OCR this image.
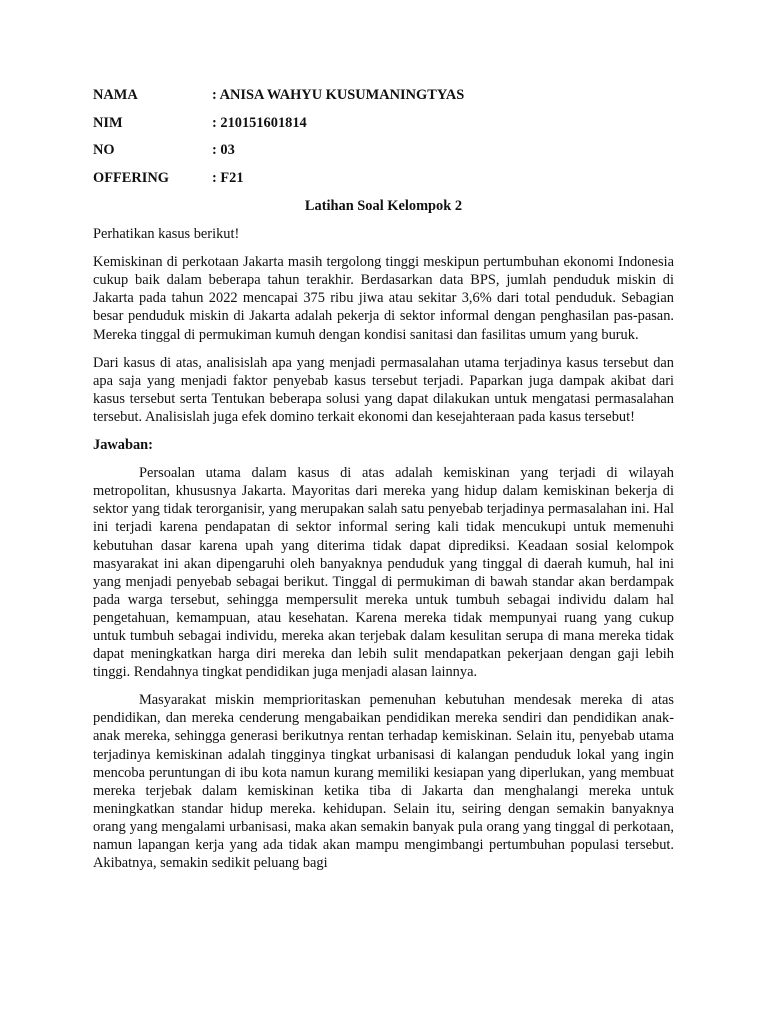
NAMA	: ANISA WAHYU KUSUMANINGTYAS
NIM	: 210151601814
NO	: 03
OFFERING	: F21
Latihan Soal Kelompok 2

Perhatikan kasus berikut!

Kemiskinan di perkotaan Jakarta masih tergolong tinggi meskipun pertumbuhan ekonomi Indonesia cukup baik dalam beberapa tahun terakhir. Berdasarkan data BPS, jumlah penduduk miskin di Jakarta pada tahun 2022 mencapai 375 ribu jiwa atau sekitar 3,6% dari total penduduk. Sebagian besar penduduk miskin di Jakarta adalah pekerja di sektor informal dengan penghasilan pas-pasan. Mereka tinggal di permukiman kumuh dengan kondisi sanitasi dan fasilitas umum yang buruk.

Dari kasus di atas, analisislah apa yang menjadi permasalahan utama terjadinya kasus tersebut dan apa saja yang menjadi faktor penyebab kasus tersebut terjadi. Paparkan juga dampak akibat dari kasus tersebut serta Tentukan beberapa solusi yang dapat dilakukan untuk mengatasi permasalahan tersebut. Analisislah juga efek domino terkait ekonomi dan kesejahteraan pada kasus tersebut!

Jawaban:

Persoalan utama dalam kasus di atas adalah kemiskinan yang terjadi di wilayah metropolitan, khususnya Jakarta. Mayoritas dari mereka yang hidup dalam kemiskinan bekerja di sektor yang tidak terorganisir, yang merupakan salah satu penyebab terjadinya permasalahan ini. Hal ini terjadi karena pendapatan di sektor informal sering kali tidak mencukupi untuk memenuhi kebutuhan dasar karena upah yang diterima tidak dapat diprediksi. Keadaan sosial kelompok masyarakat ini akan dipengaruhi oleh banyaknya penduduk yang tinggal di daerah kumuh, hal ini yang menjadi penyebab sebagai berikut. Tinggal di permukiman di bawah standar akan berdampak pada warga tersebut, sehingga mempersulit mereka untuk tumbuh sebagai individu dalam hal pengetahuan, kemampuan, atau kesehatan. Karena mereka tidak mempunyai ruang yang cukup untuk tumbuh sebagai individu, mereka akan terjebak dalam kesulitan serupa di mana mereka tidak dapat meningkatkan harga diri mereka dan lebih sulit mendapatkan pekerjaan dengan gaji lebih tinggi. Rendahnya tingkat pendidikan juga menjadi alasan lainnya.

Masyarakat miskin memprioritaskan pemenuhan kebutuhan mendesak mereka di atas pendidikan, dan mereka cenderung mengabaikan pendidikan mereka sendiri dan pendidikan anak-anak mereka, sehingga generasi berikutnya rentan terhadap kemiskinan. Selain itu, penyebab utama terjadinya kemiskinan adalah tingginya tingkat urbanisasi di kalangan penduduk lokal yang ingin mencoba peruntungan di ibu kota namun kurang memiliki kesiapan yang diperlukan, yang membuat mereka terjebak dalam kemiskinan ketika tiba di Jakarta dan menghalangi mereka untuk meningkatkan standar hidup mereka. kehidupan. Selain itu, seiring dengan semakin banyaknya orang yang mengalami urbanisasi, maka akan semakin banyak pula orang yang tinggal di perkotaan, namun lapangan kerja yang ada tidak akan mampu mengimbangi pertumbuhan populasi tersebut. Akibatnya, semakin sedikit peluang bagi
